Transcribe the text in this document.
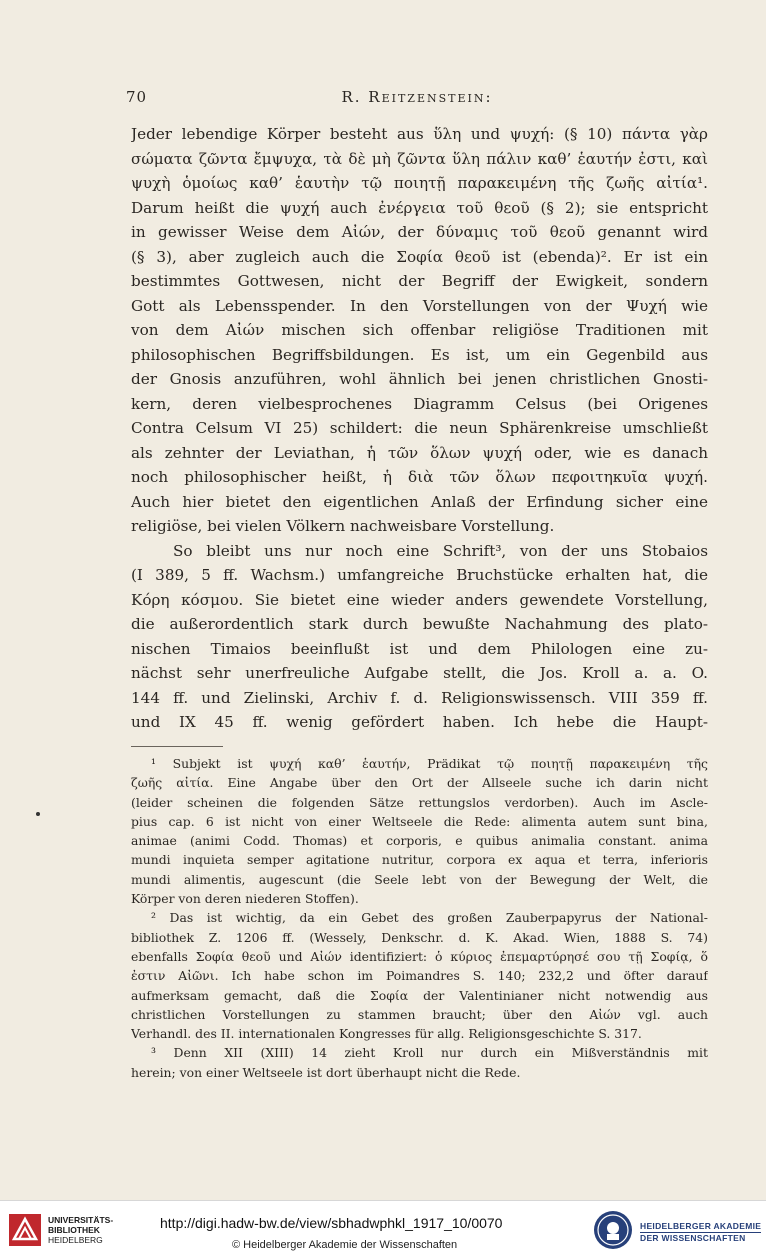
70	R. Reitzenstein:
Jeder lebendige Körper besteht aus ὕλη und ψυχή: (§ 10) πάντα γὰρ
σώματα ζῶντα ἔμψυχα, τὰ δὲ μὴ ζῶντα ὕλη πάλιν καθ’ ἑαυτήν ἐστι, καὶ
ψυχὴ ὁμοίως καθ’ ἑαυτὴν τῷ ποιητῇ παρακειμένη τῆς ζωῆς αἰτία¹.
Darum heißt die ψυχή auch ἐνέργεια τοῦ θεοῦ (§ 2); sie entspricht
in gewisser Weise dem Αἰών, der δύναμις τοῦ θεοῦ genannt wird
(§ 3), aber zugleich auch die Σοφία θεοῦ ist (ebenda)². Er ist ein
bestimmtes Gottwesen, nicht der Begriff der Ewigkeit, sondern
Gott als Lebensspender. In den Vorstellungen von der Ψυχή wie
von dem Αἰών mischen sich offenbar religiöse Traditionen mit
philosophischen Begriffsbildungen. Es ist, um ein Gegenbild aus
der Gnosis anzuführen, wohl ähnlich bei jenen christlichen Gnosti-
kern, deren vielbesprochenes Diagramm Celsus (bei Origenes
Contra Celsum VI 25) schildert: die neun Sphärenkreise umschließt
als zehnter der Leviathan, ἡ τῶν ὅλων ψυχή oder, wie es danach
noch philosophischer heißt, ἡ διὰ τῶν ὅλων πεφοιτηκυῖα ψυχή.
Auch hier bietet den eigentlichen Anlaß der Erfindung sicher eine
religiöse, bei vielen Völkern nachweisbare Vorstellung.
So bleibt uns nur noch eine Schrift³, von der uns Stobaios
(I 389, 5 ff. Wachsm.) umfangreiche Bruchstücke erhalten hat, die
Κόρη κόσμου. Sie bietet eine wieder anders gewendete Vorstellung,
die außerordentlich stark durch bewußte Nachahmung des plato-
nischen Timaios beeinflußt ist und dem Philologen eine zu-
nächst sehr unerfreuliche Aufgabe stellt, die Jos. Kroll a. a. O.
144 ff. und Zielinski, Archiv f. d. Religionswissensch. VIII 359 ff.
und IX 45 ff. wenig gefördert haben. Ich hebe die Haupt-
¹ Subjekt ist ψυχή καθ’ ἑαυτήν, Prädikat τῷ ποιητῇ παρακειμένη τῆς
ζωῆς αἰτία. Eine Angabe über den Ort der Allseele suche ich darin nicht
(leider scheinen die folgenden Sätze rettungslos verdorben). Auch im Ascle-
pius cap. 6 ist nicht von einer Weltseele die Rede: alimenta autem sunt bina,
animae (animi Codd. Thomas) et corporis, e quibus animalia constant. anima
mundi inquieta semper agitatione nutritur, corpora ex aqua et terra, inferioris
mundi alimentis, augescunt (die Seele lebt von der Bewegung der Welt, die
Körper von deren niederen Stoffen).
² Das ist wichtig, da ein Gebet des großen Zauberpapyrus der National-
bibliothek Z. 1206 ff. (Wessely, Denkschr. d. K. Akad. Wien, 1888 S. 74)
ebenfalls Σοφία θεοῦ und Αἰών identifiziert: ὁ κύριος ἐπεμαρτύρησέ σου τῇ Σοφίᾳ, ὅ
ἐστιν Αἰῶνι. Ich habe schon im Poimandres S. 140; 232,2 und öfter darauf
aufmerksam gemacht, daß die Σοφία der Valentinianer nicht notwendig aus
christlichen Vorstellungen zu stammen braucht; über den Αἰών vgl. auch
Verhandl. des II. internationalen Kongresses für allg. Religionsgeschichte S. 317.
³ Denn XII (XIII) 14 zieht Kroll nur durch ein Mißverständnis mit
herein; von einer Weltseele ist dort überhaupt nicht die Rede.
UNIVERSITÄTS-
BIBLIOTHEK
HEIDELBERG
http://digi.hadw-bw.de/view/sbhadwphkl_1917_10/0070
© Heidelberger Akademie der Wissenschaften
HEIDELBERGER AKADEMIE
DER WISSENSCHAFTEN
